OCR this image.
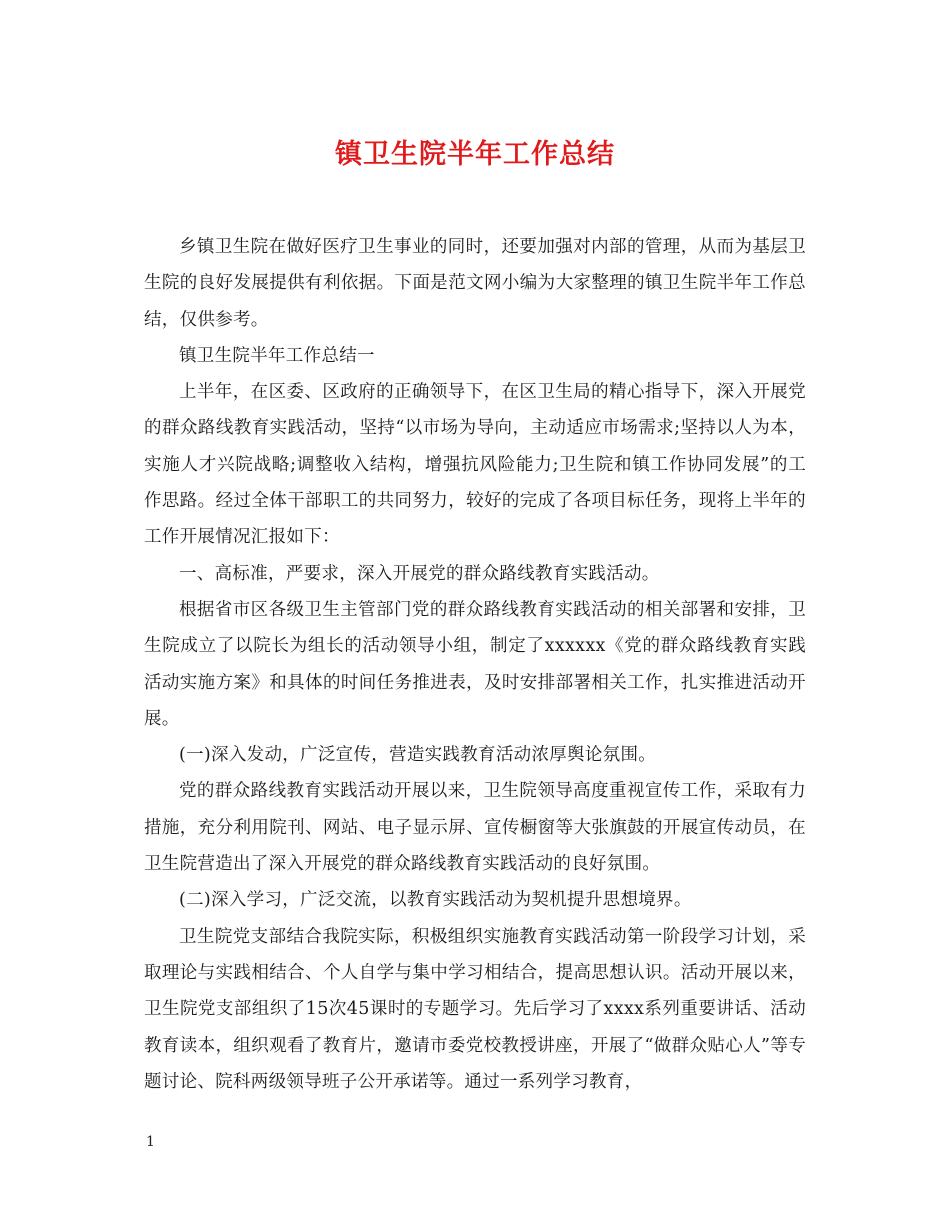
镇卫生院半年工作总结

乡镇卫生院在做好医疗卫生事业的同时，还要加强对内部的管理，从而为基层卫生院的良好发展提供有利依据。下面是范文网小编为大家整理的镇卫生院半年工作总结，仅供参考。

镇卫生院半年工作总结一

上半年，在区委、区政府的正确领导下，在区卫生局的精心指导下，深入开展党的群众路线教育实践活动，坚持“以市场为导向，主动适应市场需求;坚持以人为本，实施人才兴院战略;调整收入结构，增强抗风险能力;卫生院和镇工作协同发展”的工作思路。经过全体干部职工的共同努力，较好的完成了各项目标任务，现将上半年的工作开展情况汇报如下：

一、高标准，严要求，深入开展党的群众路线教育实践活动。

根据省市区各级卫生主管部门党的群众路线教育实践活动的相关部署和安排，卫生院成立了以院长为组长的活动领导小组，制定了xxxxxx《党的群众路线教育实践活动实施方案》和具体的时间任务推进表，及时安排部署相关工作，扎实推进活动开展。

(一)深入发动，广泛宣传，营造实践教育活动浓厚舆论氛围。

党的群众路线教育实践活动开展以来，卫生院领导高度重视宣传工作，采取有力措施，充分利用院刊、网站、电子显示屏、宣传橱窗等大张旗鼓的开展宣传动员，在卫生院营造出了深入开展党的群众路线教育实践活动的良好氛围。

(二)深入学习，广泛交流，以教育实践活动为契机提升思想境界。

卫生院党支部结合我院实际，积极组织实施教育实践活动第一阶段学习计划，采取理论与实践相结合、个人自学与集中学习相结合，提高思想认识。活动开展以来，卫生院党支部组织了15次45课时的专题学习。先后学习了xxxx系列重要讲话、活动教育读本，组织观看了教育片，邀请市委党校教授讲座，开展了“做群众贴心人”等专题讨论、院科两级领导班子公开承诺等。通过一系列学习教育，

1
